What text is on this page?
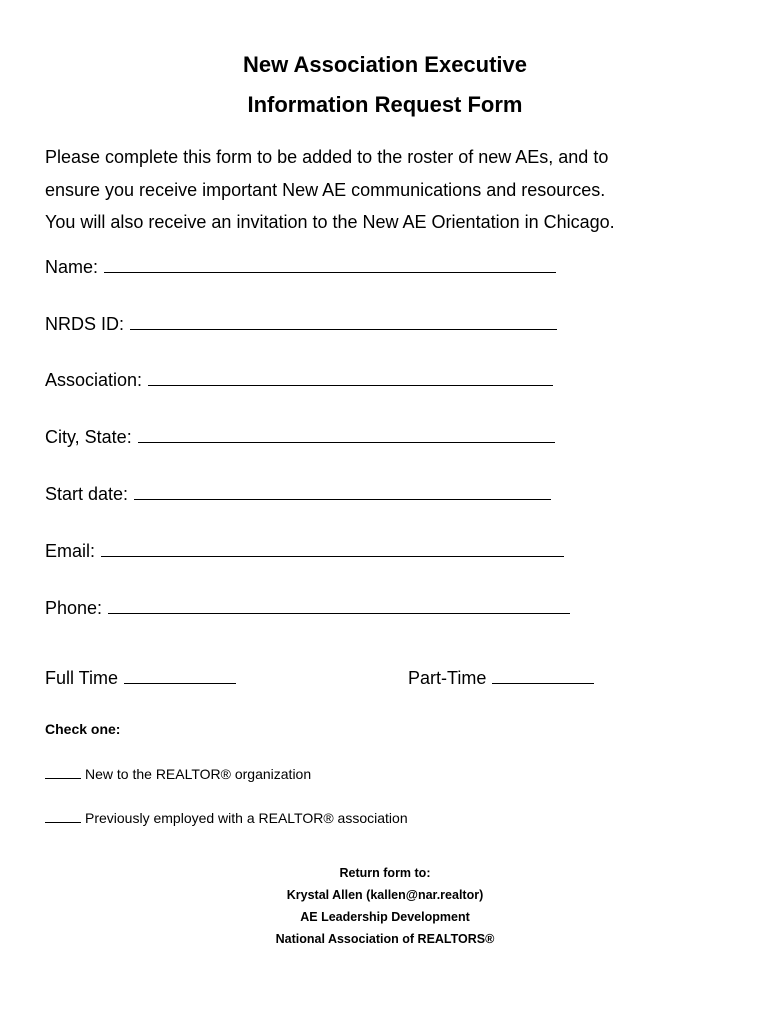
New Association Executive
Information Request Form
Please complete this form to be added to the roster of new AEs, and to
ensure you receive important New AE communications and resources.
You will also receive an invitation to the New AE Orientation in Chicago.
Name:
NRDS ID:
Association:
City, State:
Start date:
Email:
Phone:
Full Time	Part-Time
Check one:
New to the REALTOR® organization
Previously employed with a REALTOR® association
Return form to:
Krystal Allen (kallen@nar.realtor)
AE Leadership Development
National Association of REALTORS®
